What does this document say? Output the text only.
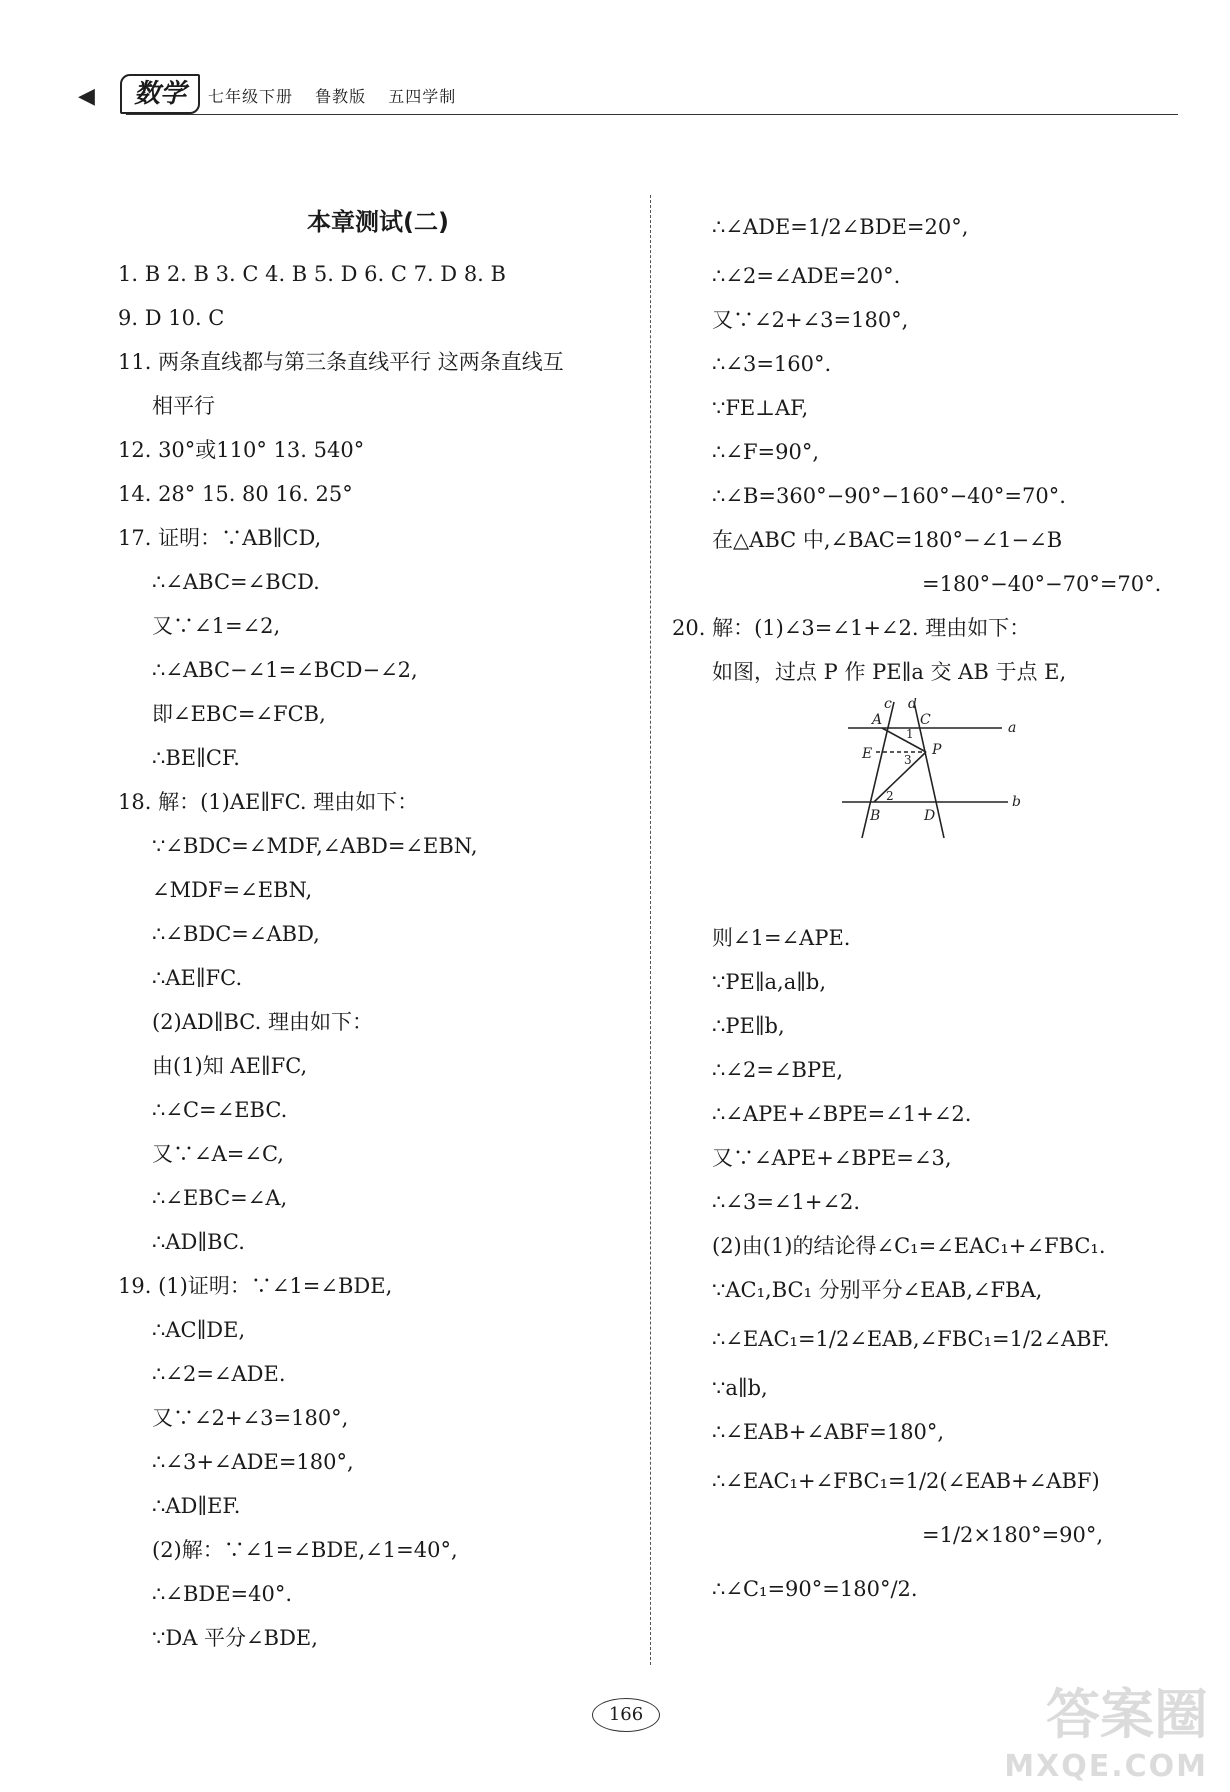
◀	数学	七年级下册 鲁教版 五四学制
本章测试(二)
1. B 2. B 3. C 4. B 5. D 6. C 7. D 8. B
9. D 10. C
11. 两条直线都与第三条直线平行 这两条直线互
相平行
12. 30°或110° 13. 540°
14. 28° 15. 80 16. 25°
17. 证明：∵AB∥CD,
∴∠ABC=∠BCD.
又∵∠1=∠2,
∴∠ABC−∠1=∠BCD−∠2,
即∠EBC=∠FCB,
∴BE∥CF.
18. 解：(1)AE∥FC. 理由如下：
∵∠BDC=∠MDF,∠ABD=∠EBN,
∠MDF=∠EBN,
∴∠BDC=∠ABD,
∴AE∥FC.
(2)AD∥BC. 理由如下：
由(1)知 AE∥FC,
∴∠C=∠EBC.
又∵∠A=∠C,
∴∠EBC=∠A,
∴AD∥BC.
19. (1)证明：∵∠1=∠BDE,
∴AC∥DE,
∴∠2=∠ADE.
又∵∠2+∠3=180°,
∴∠3+∠ADE=180°,
∴AD∥EF.
(2)解：∵∠1=∠BDE,∠1=40°,
∴∠BDE=40°.
∵DA 平分∠BDE,
∴∠ADE=1/2∠BDE=20°,
∴∠2=∠ADE=20°.
又∵∠2+∠3=180°,
∴∠3=160°.
∵FE⊥AF,
∴∠F=90°,
∴∠B=360°−90°−160°−40°=70°.
在△ABC 中,∠BAC=180°−∠1−∠B
=180°−40°−70°=70°.
20. 解：(1)∠3=∠1+∠2. 理由如下：
如图，过点 P 作 PE∥a 交 AB 于点 E,
c d
a
b
A	C
E	P
B	D
1
2
3
则∠1=∠APE.
∵PE∥a,a∥b,
∴PE∥b,
∴∠2=∠BPE,
∴∠APE+∠BPE=∠1+∠2.
又∵∠APE+∠BPE=∠3,
∴∠3=∠1+∠2.
(2)由(1)的结论得∠C₁=∠EAC₁+∠FBC₁.
∵AC₁,BC₁ 分别平分∠EAB,∠FBA,
∴∠EAC₁=1/2∠EAB,∠FBC₁=1/2∠ABF.
∵a∥b,
∴∠EAB+∠ABF=180°,
∴∠EAC₁+∠FBC₁=1/2(∠EAB+∠ABF)
=1/2×180°=90°,
∴∠C₁=90°=180°/2.
166	答案圈
MXQE.COM
